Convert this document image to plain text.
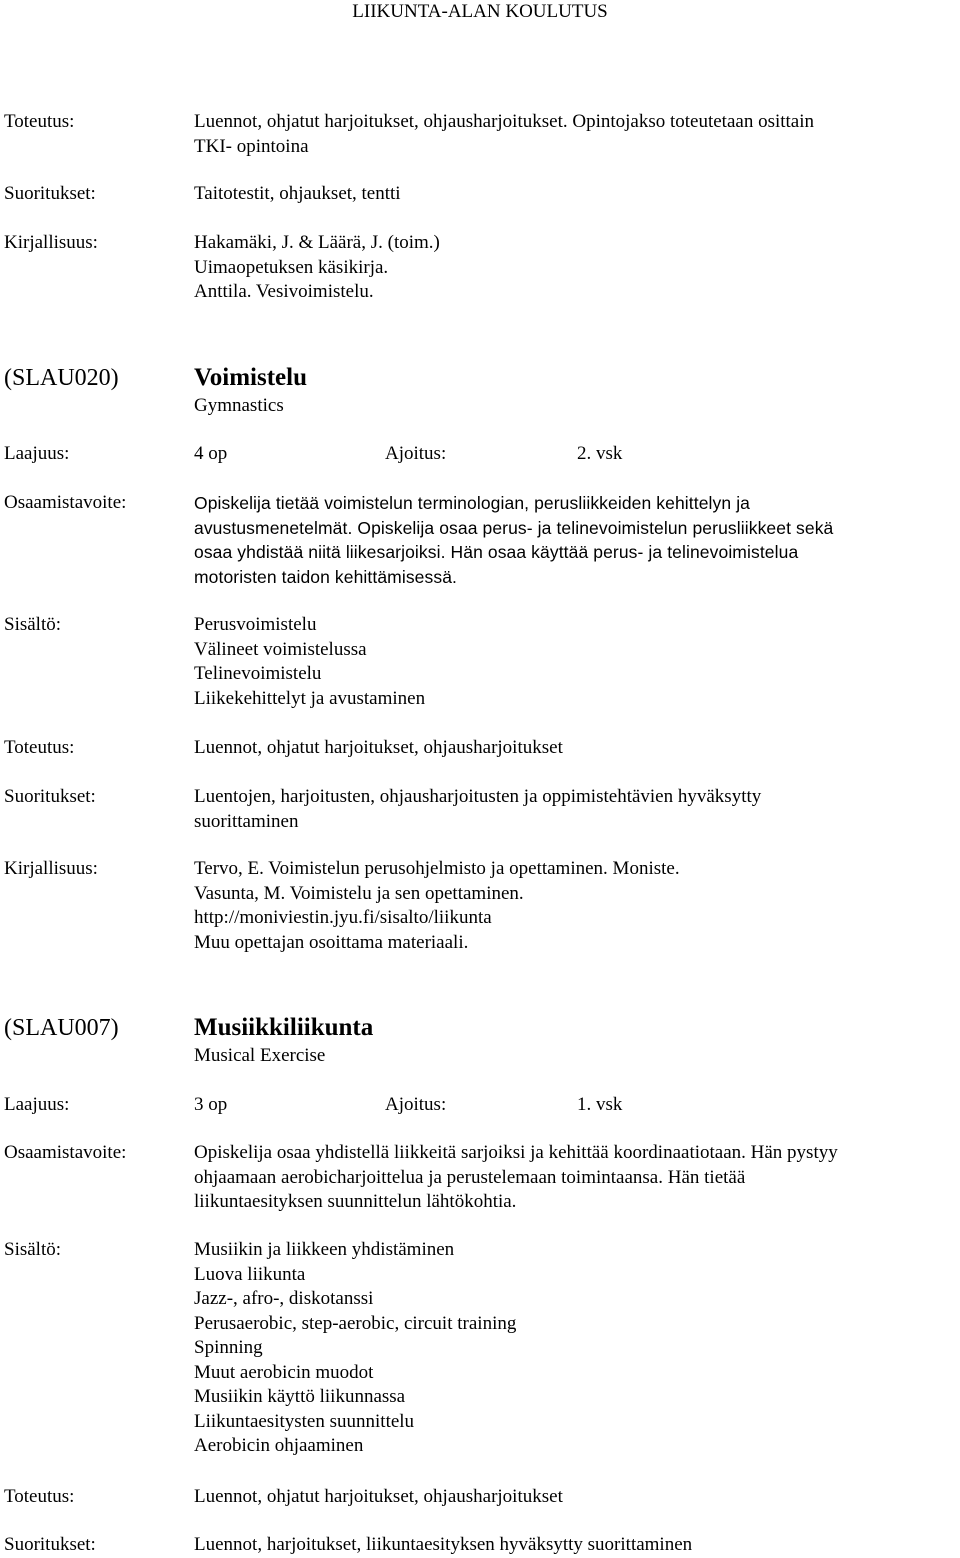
LIIKUNTA-ALAN KOULUTUS
Toteutus:	Luennot, ohjatut harjoitukset, ohjausharjoitukset. Opintojakso toteutetaan osittain
TKI- opintoina
Suoritukset:	Taitotestit, ohjaukset, tentti
Kirjallisuus:	Hakamäki, J. & Läärä, J. (toim.)
Uimaopetuksen käsikirja.
Anttila. Vesivoimistelu.
(SLAU020)	Voimistelu
Gymnastics
Laajuus:	4 op	Ajoitus:	2. vsk
Osaamistavoite:	Opiskelija tietää voimistelun terminologian, perusliikkeiden kehittelyn ja
avustusmenetelmät. Opiskelija osaa perus- ja telinevoimistelun perusliikkeet sekä
osaa yhdistää niitä liikesarjoiksi. Hän osaa käyttää perus- ja telinevoimistelua
motoristen taidon kehittämisessä.
Sisältö:	Perusvoimistelu
Välineet voimistelussa
Telinevoimistelu
Liikekehittelyt ja avustaminen
Toteutus:	Luennot, ohjatut harjoitukset, ohjausharjoitukset
Suoritukset:	Luentojen, harjoitusten, ohjausharjoitusten ja oppimistehtävien hyväksytty
suorittaminen
Kirjallisuus:	Tervo, E. Voimistelun perusohjelmisto ja opettaminen. Moniste.
Vasunta, M. Voimistelu ja sen opettaminen.
http://moniviestin.jyu.fi/sisalto/liikunta
Muu opettajan osoittama materiaali.
(SLAU007)	Musiikkiliikunta
Musical Exercise
Laajuus:	3 op	Ajoitus:	1. vsk
Osaamistavoite:	Opiskelija osaa yhdistellä liikkeitä sarjoiksi ja kehittää koordinaatiotaan. Hän pystyy
ohjaamaan aerobicharjoittelua ja perustelemaan toimintaansa. Hän tietää
liikuntaesityksen suunnittelun lähtökohtia.
Sisältö:	Musiikin ja liikkeen yhdistäminen
Luova liikunta
Jazz-, afro-, diskotanssi
Perusaerobic, step-aerobic, circuit training
Spinning
Muut aerobicin muodot
Musiikin käyttö liikunnassa
Liikuntaesitysten suunnittelu
Aerobicin ohjaaminen
Toteutus:	Luennot, ohjatut harjoitukset, ohjausharjoitukset
Suoritukset:	Luennot, harjoitukset, liikuntaesityksen hyväksytty suorittaminen
